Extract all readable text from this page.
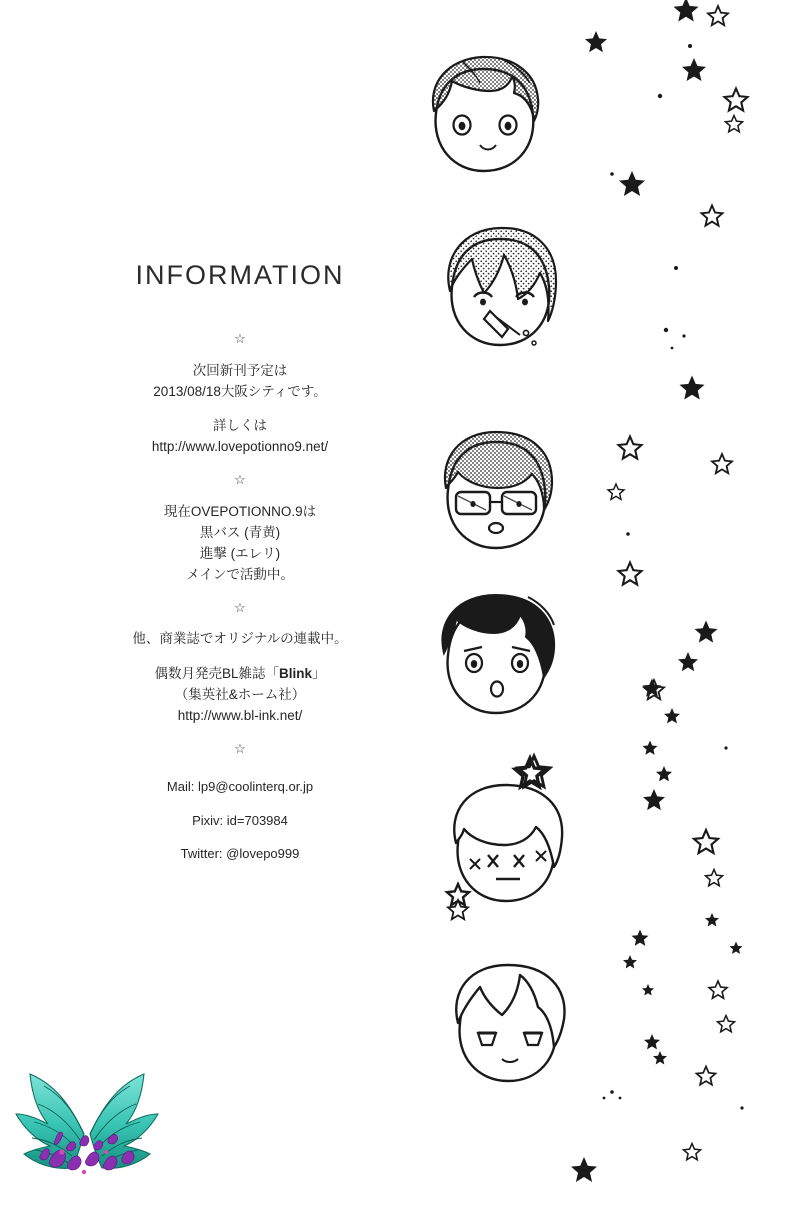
INFORMATION
☆

次回新刊予定は
2013/08/18大阪シティです。

詳しくは
http://www.lovepotionno9.net/

☆

現在OVEPOTIONNO.9は
黒バス (青黄)
進撃 (エレリ)
メインで活動中。

☆

他、商業誌でオリジナルの連載中。

偶数月発売BL雑誌「Blink」
（集英社&ホーム社）
http://www.bl-ink.net/

☆
Mail: lp9@coolinterq.or.jp
Pixiv: id=703984
Twitter: @lovepo999
